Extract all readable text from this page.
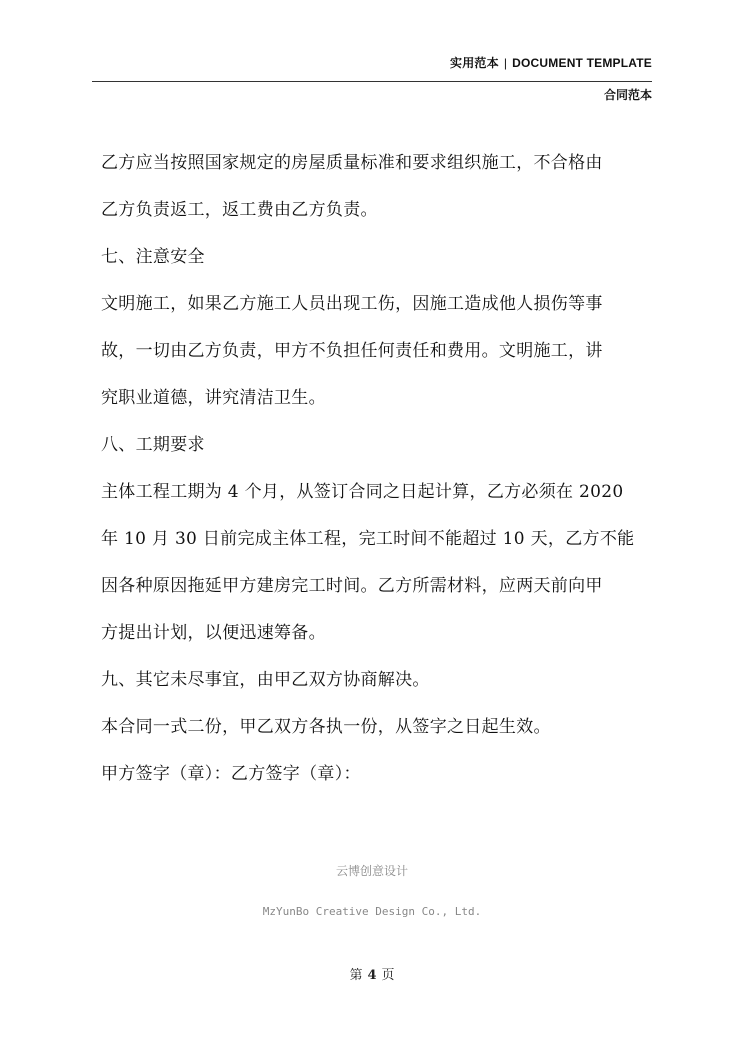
实用范本 | DOCUMENT TEMPLATE
合同范本
乙方应当按照国家规定的房屋质量标准和要求组织施工，不合格由
乙方负责返工，返工费由乙方负责。
七、注意安全
文明施工，如果乙方施工人员出现工伤，因施工造成他人损伤等事
故，一切由乙方负责，甲方不负担任何责任和费用。文明施工，讲
究职业道德，讲究清洁卫生。
八、工期要求
主体工程工期为 4 个月，从签订合同之日起计算，乙方必须在 2020
年 10 月 30 日前完成主体工程，完工时间不能超过 10 天，乙方不能
因各种原因拖延甲方建房完工时间。乙方所需材料，应两天前向甲
方提出计划，以便迅速筹备。
九、其它未尽事宜，由甲乙双方协商解决。
本合同一式二份，甲乙双方各执一份，从签字之日起生效。
甲方签字（章）：乙方签字（章）：
云博创意设计
MzYunBo Creative Design Co., Ltd.
第 4 页
